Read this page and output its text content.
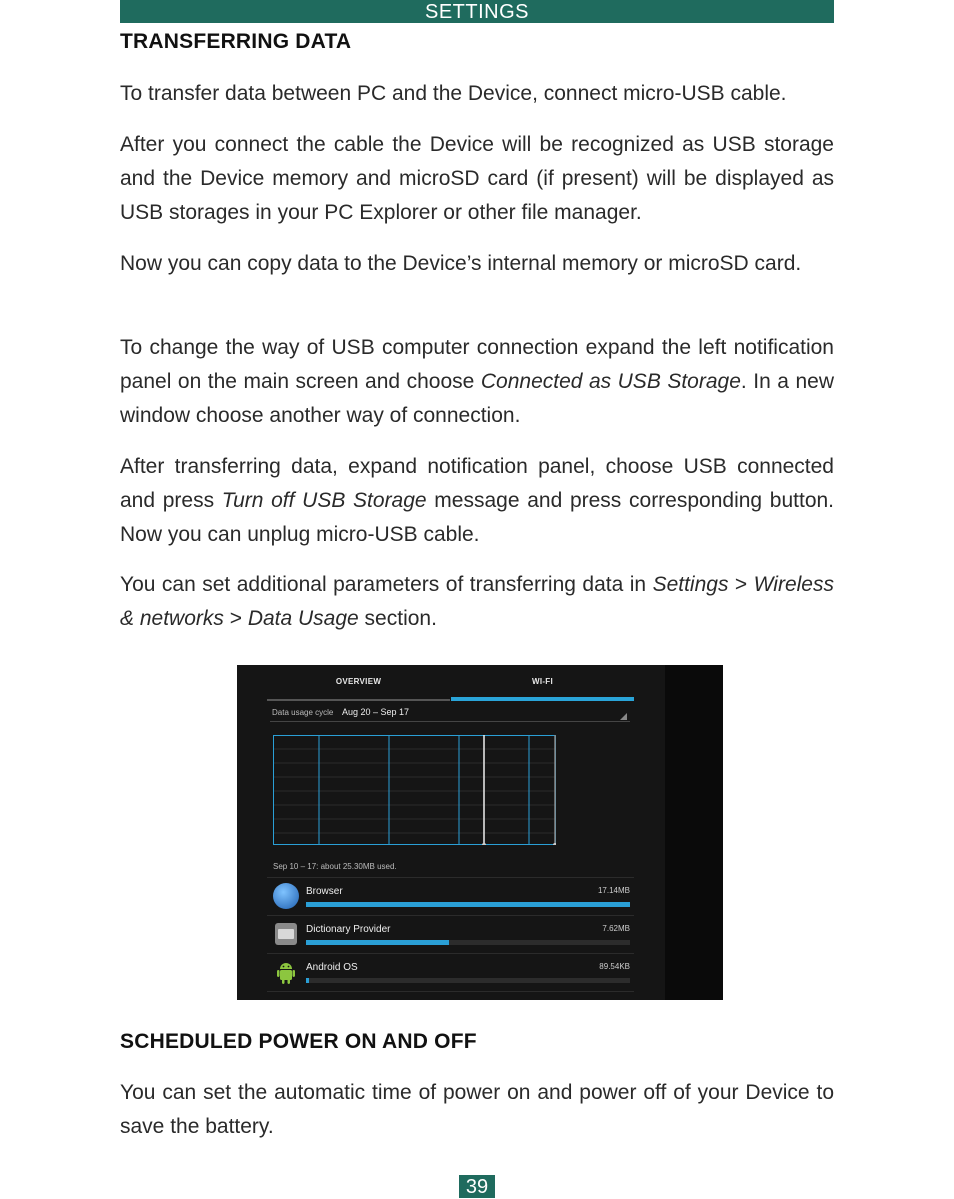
SETTINGS
TRANSFERRING DATA
To transfer data between PC and the Device, connect micro-USB cable.
After you connect the cable the Device will be recognized as USB storage and the Device memory and microSD card (if present) will be displayed as USB storages in your PC Explorer or other file manager.
Now you can copy data to the Device’s internal memory or microSD card.
To change the way of USB computer connection expand the left notification panel on the main screen and choose Connected as USB Storage. In a new window choose another way of connection.
After transferring data, expand notification panel, choose USB connected and press Turn off USB Storage message and press corresponding button. Now you can unplug micro-USB cable.
You can set additional parameters of transferring data in Settings > Wireless & networks > Data Usage section.
OVERVIEW	WI-FI
Data usage cycle Aug 20 – Sep 17
Sep 10 – 17: about 25.30MB used.
Browser	17.14MB
Dictionary Provider	7.62MB
Android OS	89.54KB
SCHEDULED POWER ON AND OFF
You can set the automatic time of power on and power off of your Device to save the battery.
39
